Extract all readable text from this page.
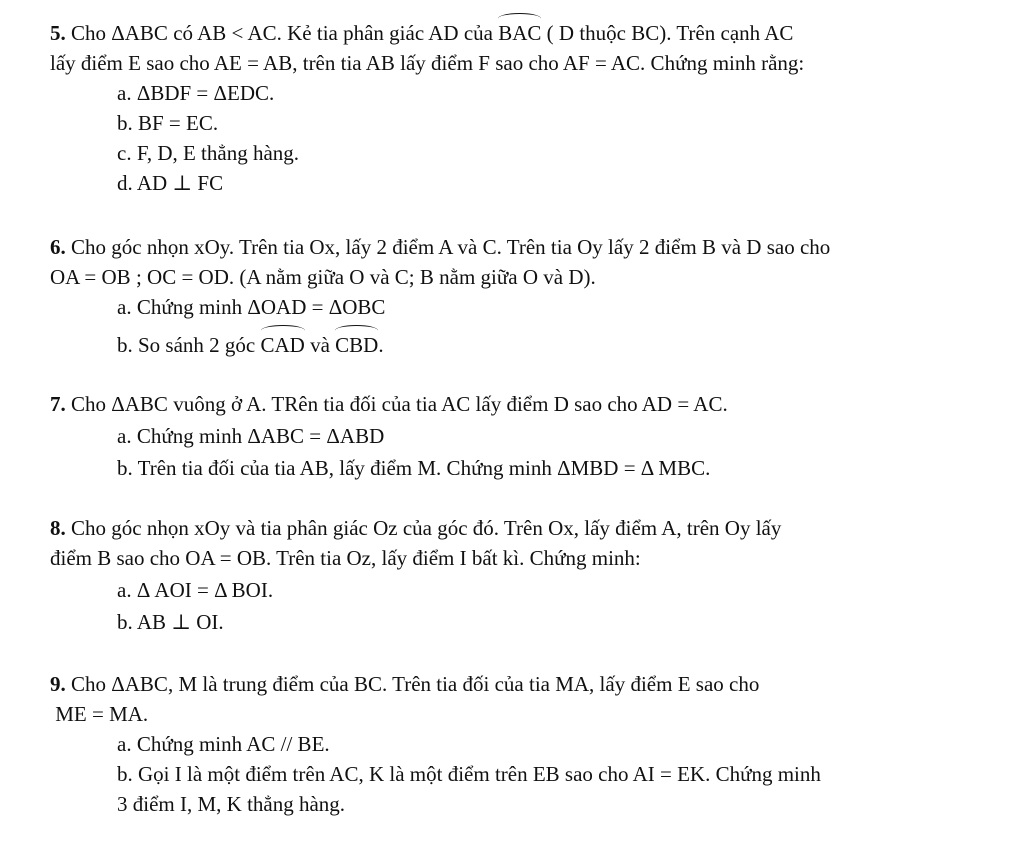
5. Cho ΔABC có AB < AC. Kẻ tia phân giác AD của BAC ( D thuộc BC). Trên cạnh AC
lấy điểm E sao cho AE = AB, trên tia AB lấy điểm F sao cho AF = AC. Chứng minh rằng:
a. ΔBDF = ΔEDC.
b. BF = EC.
c. F, D, E thẳng hàng.
d. AD ⊥ FC
6. Cho góc nhọn xOy. Trên tia Ox, lấy 2 điểm A và C. Trên tia Oy lấy 2 điểm B và D sao cho
OA = OB ; OC = OD. (A nằm giữa O và C; B nằm giữa O và D).
a. Chứng minh ΔOAD = ΔOBC
b. So sánh 2 góc CAD và CBD.
7. Cho ΔABC vuông ở A. TRên tia đối của tia AC lấy điểm D sao cho AD = AC.
a. Chứng minh ΔABC = ΔABD
b. Trên tia đối của tia AB, lấy điểm M. Chứng minh ΔMBD = Δ MBC.
8. Cho góc nhọn xOy và tia phân giác Oz của góc đó. Trên Ox, lấy điểm A, trên Oy lấy
điểm B sao cho OA = OB. Trên tia Oz, lấy điểm I bất kì. Chứng minh:
a. Δ AOI = Δ BOI.
b. AB ⊥ OI.
9. Cho ΔABC, M là trung điểm của BC. Trên tia đối của tia MA, lấy điểm E sao cho
ME = MA.
a. Chứng minh AC // BE.
b. Gọi I là một điểm trên AC, K là một điểm trên EB sao cho AI = EK. Chứng minh
3 điểm I, M, K thẳng hàng.
